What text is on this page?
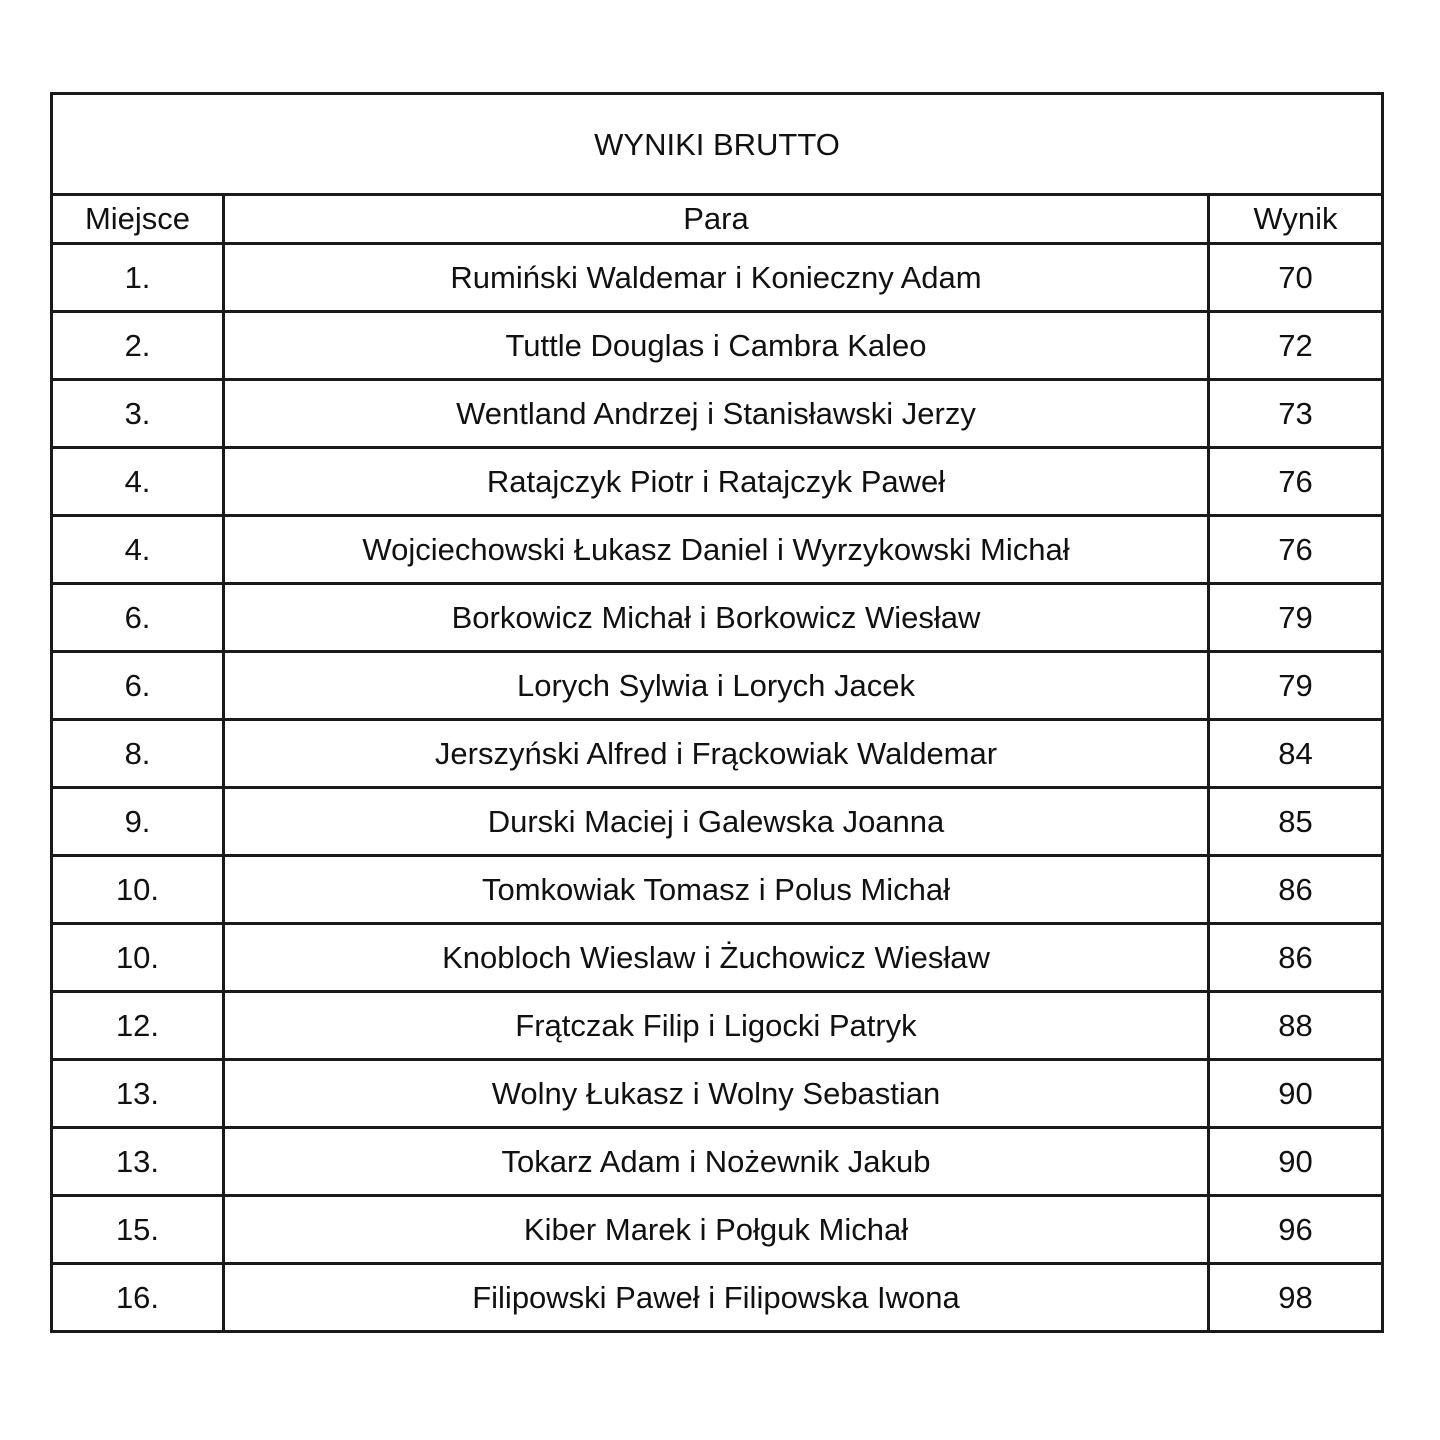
WYNIKI BRUTTO		
Miejsce	Para	Wynik
1.	Rumiński Waldemar i Konieczny Adam	70
2.	Tuttle Douglas i Cambra Kaleo	72
3.	Wentland Andrzej i Stanisławski Jerzy	73
4.	Ratajczyk Piotr i Ratajczyk Paweł	76
4.	Wojciechowski Łukasz Daniel i Wyrzykowski Michał	76
6.	Borkowicz Michał i Borkowicz Wiesław	79
6.	Lorych Sylwia i Lorych Jacek	79
8.	Jerszyński Alfred i Frąckowiak Waldemar	84
9.	Durski Maciej i Galewska Joanna	85
10.	Tomkowiak Tomasz i Polus Michał	86
10.	Knobloch Wieslaw i Żuchowicz Wiesław	86
12.	Frątczak Filip i Ligocki Patryk	88
13.	Wolny Łukasz i Wolny Sebastian	90
13.	Tokarz Adam i Nożewnik Jakub	90
15.	Kiber Marek i Połguk Michał	96
16.	Filipowski Paweł i Filipowska Iwona	98
